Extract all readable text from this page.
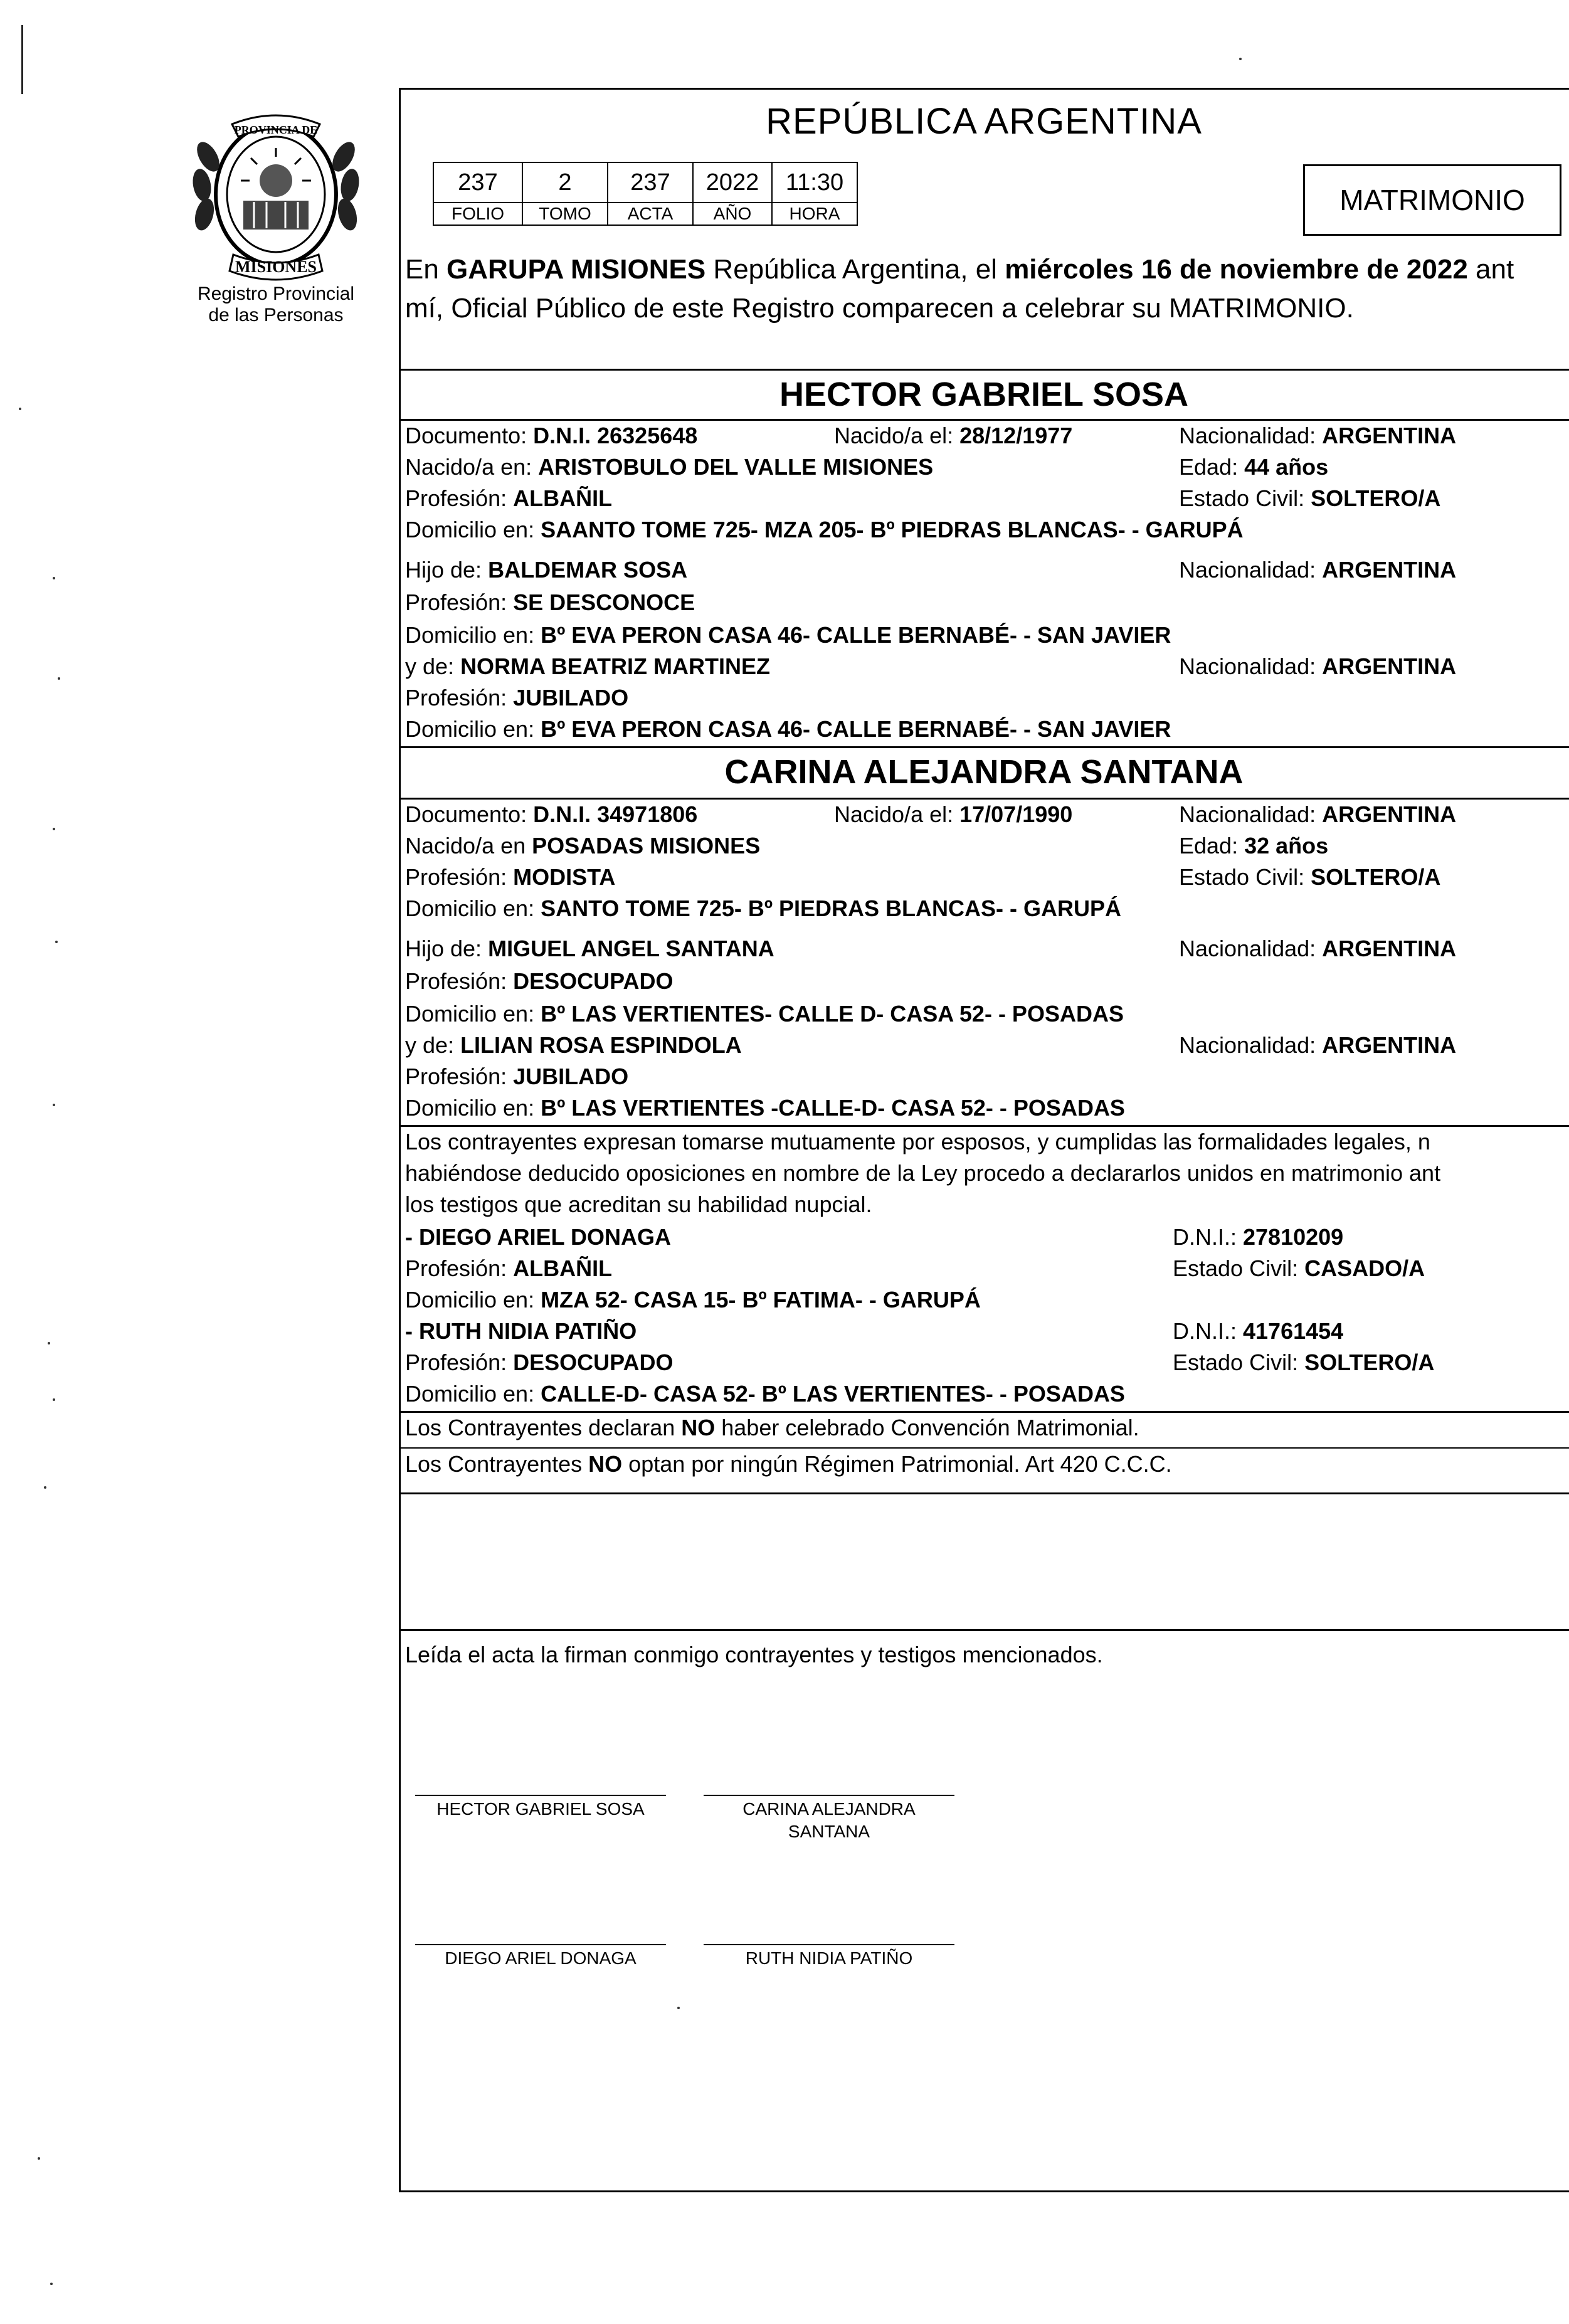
PROVINCIA DE
MISIONES
Registro Provincial
de las Personas
REPÚBLICA ARGENTINA
237	2	237	2022	11:30
FOLIO	TOMO	ACTA	AÑO	HORA	MATRIMONIO
En GARUPA MISIONES República Argentina, el miércoles 16 de noviembre de 2022 ant
mí, Oficial Público de este Registro comparecen a celebrar su MATRIMONIO.
HECTOR GABRIEL SOSA
Documento: D.N.I. 26325648	Nacido/a el: 28/12/1977	Nacionalidad: ARGENTINA
Nacido/a en: ARISTOBULO DEL VALLE MISIONES	Edad: 44 años
Profesión: ALBAÑIL	Estado Civil: SOLTERO/A
Domicilio en: SAANTO TOME 725- MZA 205- Bº PIEDRAS BLANCAS- - GARUPÁ
Hijo de: BALDEMAR SOSA	Nacionalidad: ARGENTINA
Profesión: SE DESCONOCE
Domicilio en: Bº EVA PERON CASA 46- CALLE BERNABÉ- - SAN JAVIER
y de: NORMA BEATRIZ MARTINEZ	Nacionalidad: ARGENTINA
Profesión: JUBILADO
Domicilio en: Bº EVA PERON CASA 46- CALLE BERNABÉ- - SAN JAVIER
CARINA ALEJANDRA SANTANA
Documento: D.N.I. 34971806	Nacido/a el: 17/07/1990	Nacionalidad: ARGENTINA
Nacido/a en POSADAS MISIONES	Edad: 32 años
Profesión: MODISTA	Estado Civil: SOLTERO/A
Domicilio en: SANTO TOME 725- Bº PIEDRAS BLANCAS- - GARUPÁ
Hijo de: MIGUEL ANGEL SANTANA	Nacionalidad: ARGENTINA
Profesión: DESOCUPADO
Domicilio en: Bº LAS VERTIENTES- CALLE D- CASA 52- - POSADAS
y de: LILIAN ROSA ESPINDOLA	Nacionalidad: ARGENTINA
Profesión: JUBILADO
Domicilio en: Bº LAS VERTIENTES -CALLE-D- CASA 52- - POSADAS
Los contrayentes expresan tomarse mutuamente por esposos, y cumplidas las formalidades legales, n
habiéndose deducido oposiciones en nombre de la Ley procedo a declararlos unidos en matrimonio ant
los testigos que acreditan su habilidad nupcial.
- DIEGO ARIEL DONAGA	D.N.I.: 27810209
Profesión: ALBAÑIL	Estado Civil: CASADO/A
Domicilio en: MZA 52- CASA 15- Bº FATIMA- - GARUPÁ
- RUTH NIDIA PATIÑO	D.N.I.: 41761454
Profesión: DESOCUPADO	Estado Civil: SOLTERO/A
Domicilio en: CALLE-D- CASA 52- Bº LAS VERTIENTES- - POSADAS
Los Contrayentes declaran NO haber celebrado Convención Matrimonial.
Los Contrayentes NO optan por ningún Régimen Patrimonial. Art 420 C.C.C.
Leída el acta la firman conmigo contrayentes y testigos mencionados.
HECTOR GABRIEL SOSA	CARINA ALEJANDRA
SANTANA
DIEGO ARIEL DONAGA	RUTH NIDIA PATIÑO
